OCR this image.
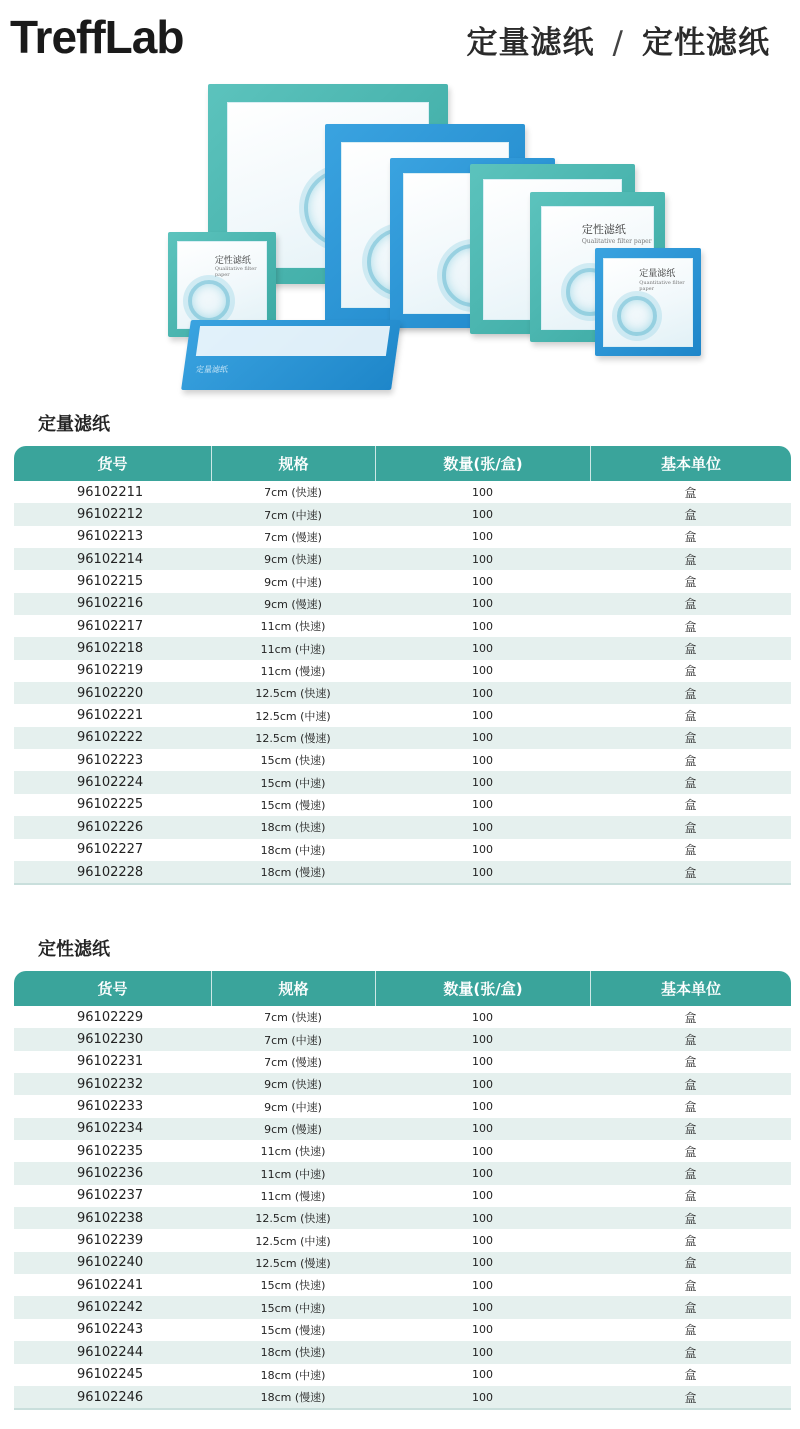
TreffLab	定量滤纸 / 定性滤纸
定性滤纸
Qualitative filter paper
定量滤纸
Quantitative filter paper
定性滤纸
Qualitative filter paper
定量滤纸
定量滤纸
货号	规格	数量(张/盒)	基本单位
96102211	7cm (快速)	100	盒
96102212	7cm (中速)	100	盒
96102213	7cm (慢速)	100	盒
96102214	9cm (快速)	100	盒
96102215	9cm (中速)	100	盒
96102216	9cm (慢速)	100	盒
96102217	11cm (快速)	100	盒
96102218	11cm (中速)	100	盒
96102219	11cm (慢速)	100	盒
96102220	12.5cm (快速)	100	盒
96102221	12.5cm (中速)	100	盒
96102222	12.5cm (慢速)	100	盒
96102223	15cm (快速)	100	盒
96102224	15cm (中速)	100	盒
96102225	15cm (慢速)	100	盒
96102226	18cm (快速)	100	盒
96102227	18cm (中速)	100	盒
96102228	18cm (慢速)	100	盒
定性滤纸
货号	规格	数量(张/盒)	基本单位
96102229	7cm (快速)	100	盒
96102230	7cm (中速)	100	盒
96102231	7cm (慢速)	100	盒
96102232	9cm (快速)	100	盒
96102233	9cm (中速)	100	盒
96102234	9cm (慢速)	100	盒
96102235	11cm (快速)	100	盒
96102236	11cm (中速)	100	盒
96102237	11cm (慢速)	100	盒
96102238	12.5cm (快速)	100	盒
96102239	12.5cm (中速)	100	盒
96102240	12.5cm (慢速)	100	盒
96102241	15cm (快速)	100	盒
96102242	15cm (中速)	100	盒
96102243	15cm (慢速)	100	盒
96102244	18cm (快速)	100	盒
96102245	18cm (中速)	100	盒
96102246	18cm (慢速)	100	盒
